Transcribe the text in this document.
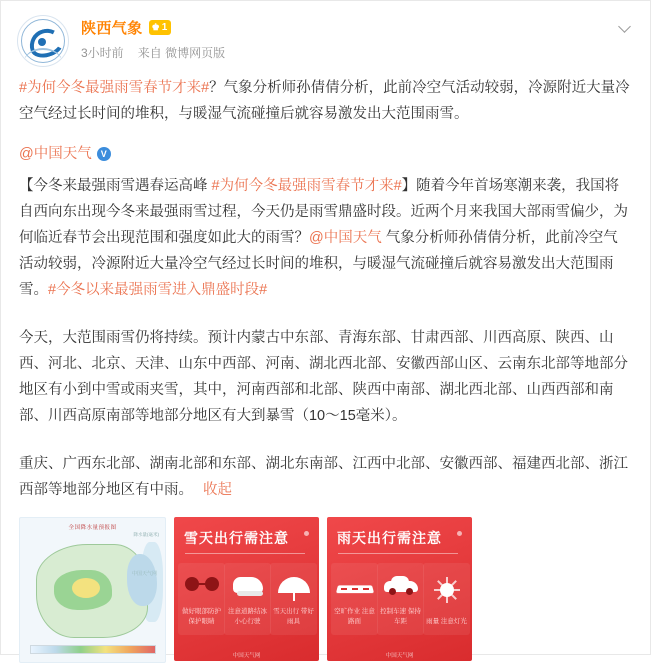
陕西气象 ♚ 1
3小时前 来自 微博网页版

#为何今冬最强雨雪春节才来#？气象分析师孙倩倩分析，此前冷空气活动较弱，冷源附近大量冷空气经过长时间的堆积，与暖湿气流碰撞后就容易激发出大范围雨雪。

@中国天气 V
【今冬来最强雨雪遇春运高峰 #为何今冬最强雨雪春节才来#】随着今年首场寒潮来袭，我国将自西向东出现今冬来最强雨雪过程，今天仍是雨雪鼎盛时段。近两个月来我国大部雨雪偏少，为何临近春节会出现范围和强度如此大的雨雪？@中国天气 气象分析师孙倩倩分析，此前冷空气活动较弱，冷源附近大量冷空气经过长时间的堆积，与暖湿气流碰撞后就容易激发出大范围雨雪。#今冬以来最强雨雪进入鼎盛时段#
今天，大范围雨雪仍将持续。预计内蒙古中东部、青海东部、甘肃西部、川西高原、陕西、山西、河北、北京、天津、山东中西部、河南、湖北西北部、安徽西部山区、云南东北部等地部分地区有小到中雪或雨夹雪，其中，河南西部和北部、陕西中南部、湖北西北部、山西西部和南部、川西高原南部等地部分地区有大到暴雪（10～15毫米）。
重庆、广西东北部、湖南北部和东部、湖北东南部、江西中北部、安徽西部、福建西北部、浙江西部等地部分地区有中雨。 收起
全国降水量预报图
降水量(毫米)
中国天气网
雪天出行需注意
做好眼部防护 保护眼睛
注意道路结冰 小心行驶
雪天出行 带好雨具
中国天气网
雨天出行需注意
空旷作业 注意路面
控制车速 保持车距	雨量 注意灯光
中国天气网
